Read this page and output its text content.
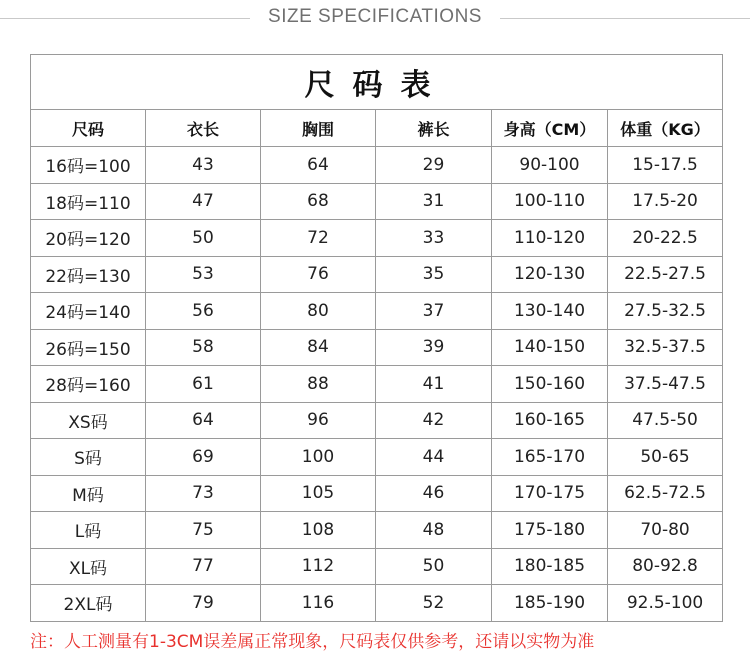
SIZE SPECIFICATIONS
尺码表					
尺码	衣长	胸围	裤长	身高（CM）	体重（KG）
16码=100	43	64	29	90-100	15-17.5
18码=110	47	68	31	100-110	17.5-20
20码=120	50	72	33	110-120	20-22.5
22码=130	53	76	35	120-130	22.5-27.5
24码=140	56	80	37	130-140	27.5-32.5
26码=150	58	84	39	140-150	32.5-37.5
28码=160	61	88	41	150-160	37.5-47.5
XS码	64	96	42	160-165	47.5-50
S码	69	100	44	165-170	50-65
M码	73	105	46	170-175	62.5-72.5
L码	75	108	48	175-180	70-80
XL码	77	112	50	180-185	80-92.8
2XL码	79	116	52	185-190	92.5-100
注：人工测量有1-3CM误差属正常现象，尺码表仅供参考，还请以实物为准
